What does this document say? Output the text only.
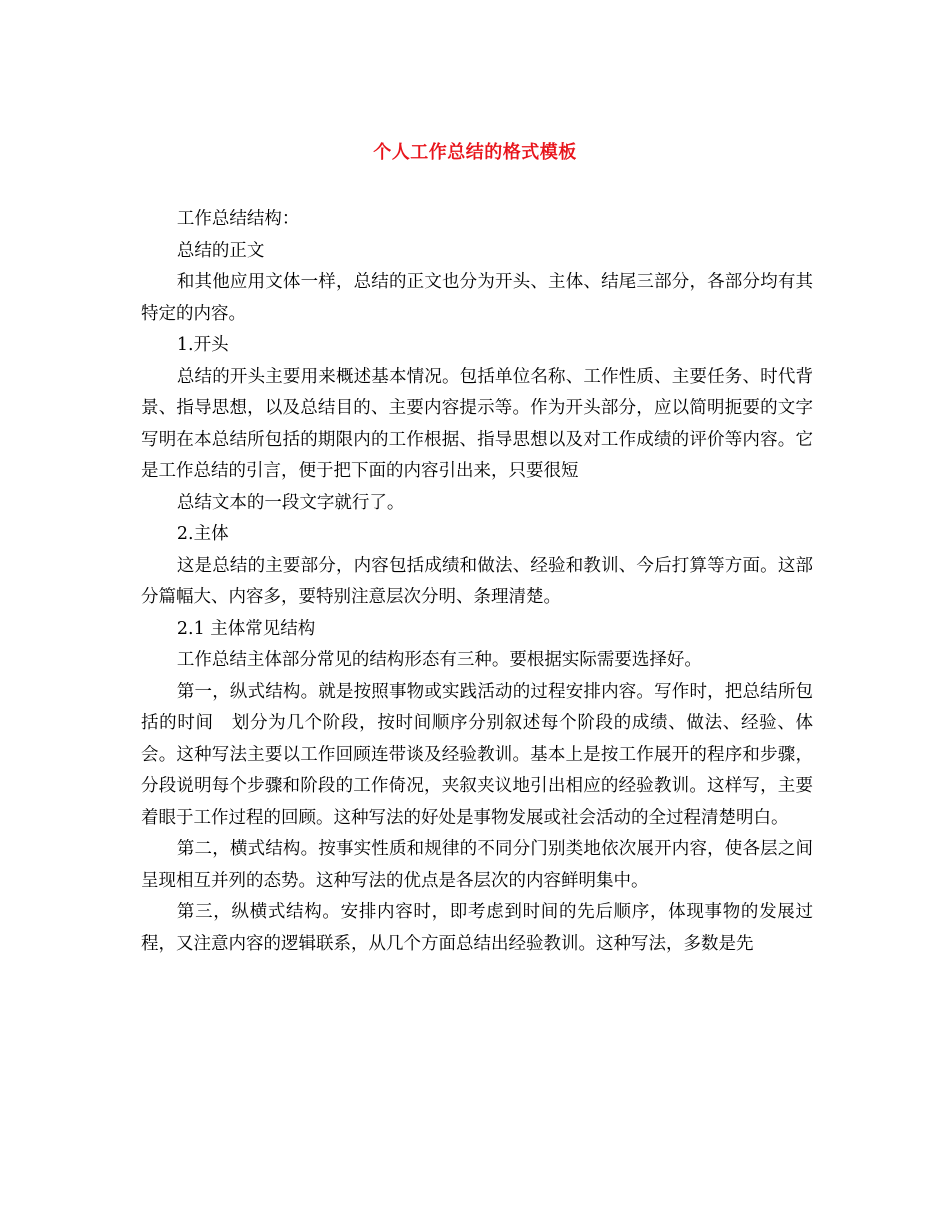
个人工作总结的格式模板

工作总结结构：

总结的正文

和其他应用文体一样，总结的正文也分为开头、主体、结尾三部分，各部分均有其特定的内容。

1.开头

总结的开头主要用来概述基本情况。包括单位名称、工作性质、主要任务、时代背景、指导思想，以及总结目的、主要内容提示等。作为开头部分，应以简明扼要的文字写明在本总结所包括的期限内的工作根据、指导思想以及对工作成绩的评价等内容。它是工作总结的引言，便于把下面的内容引出来，只要很短

总结文本的一段文字就行了。

2.主体

这是总结的主要部分，内容包括成绩和做法、经验和教训、今后打算等方面。这部分篇幅大、内容多，要特别注意层次分明、条理清楚。

2.1 主体常见结构

工作总结主体部分常见的结构形态有三种。要根据实际需要选择好。

第一，纵式结构。就是按照事物或实践活动的过程安排内容。写作时，把总结所包括的时间　划分为几个阶段，按时间顺序分别叙述每个阶段的成绩、做法、经验、体会。这种写法主要以工作回顾连带谈及经验教训。基本上是按工作展开的程序和步骤，分段说明每个步骤和阶段的工作倚况，夹叙夹议地引出相应的经验教训。这样写，主要着眼于工作过程的回顾。这种写法的好处是事物发展或社会活动的全过程清楚明白。

第二，横式结构。按事实性质和规律的不同分门别类地依次展开内容，使各层之间呈现相互并列的态势。这种写法的优点是各层次的内容鲜明集中。

第三，纵横式结构。安排内容时，即考虑到时间的先后顺序，体现事物的发展过程，又注意内容的逻辑联系，从几个方面总结出经验教训。这种写法，多数是先
